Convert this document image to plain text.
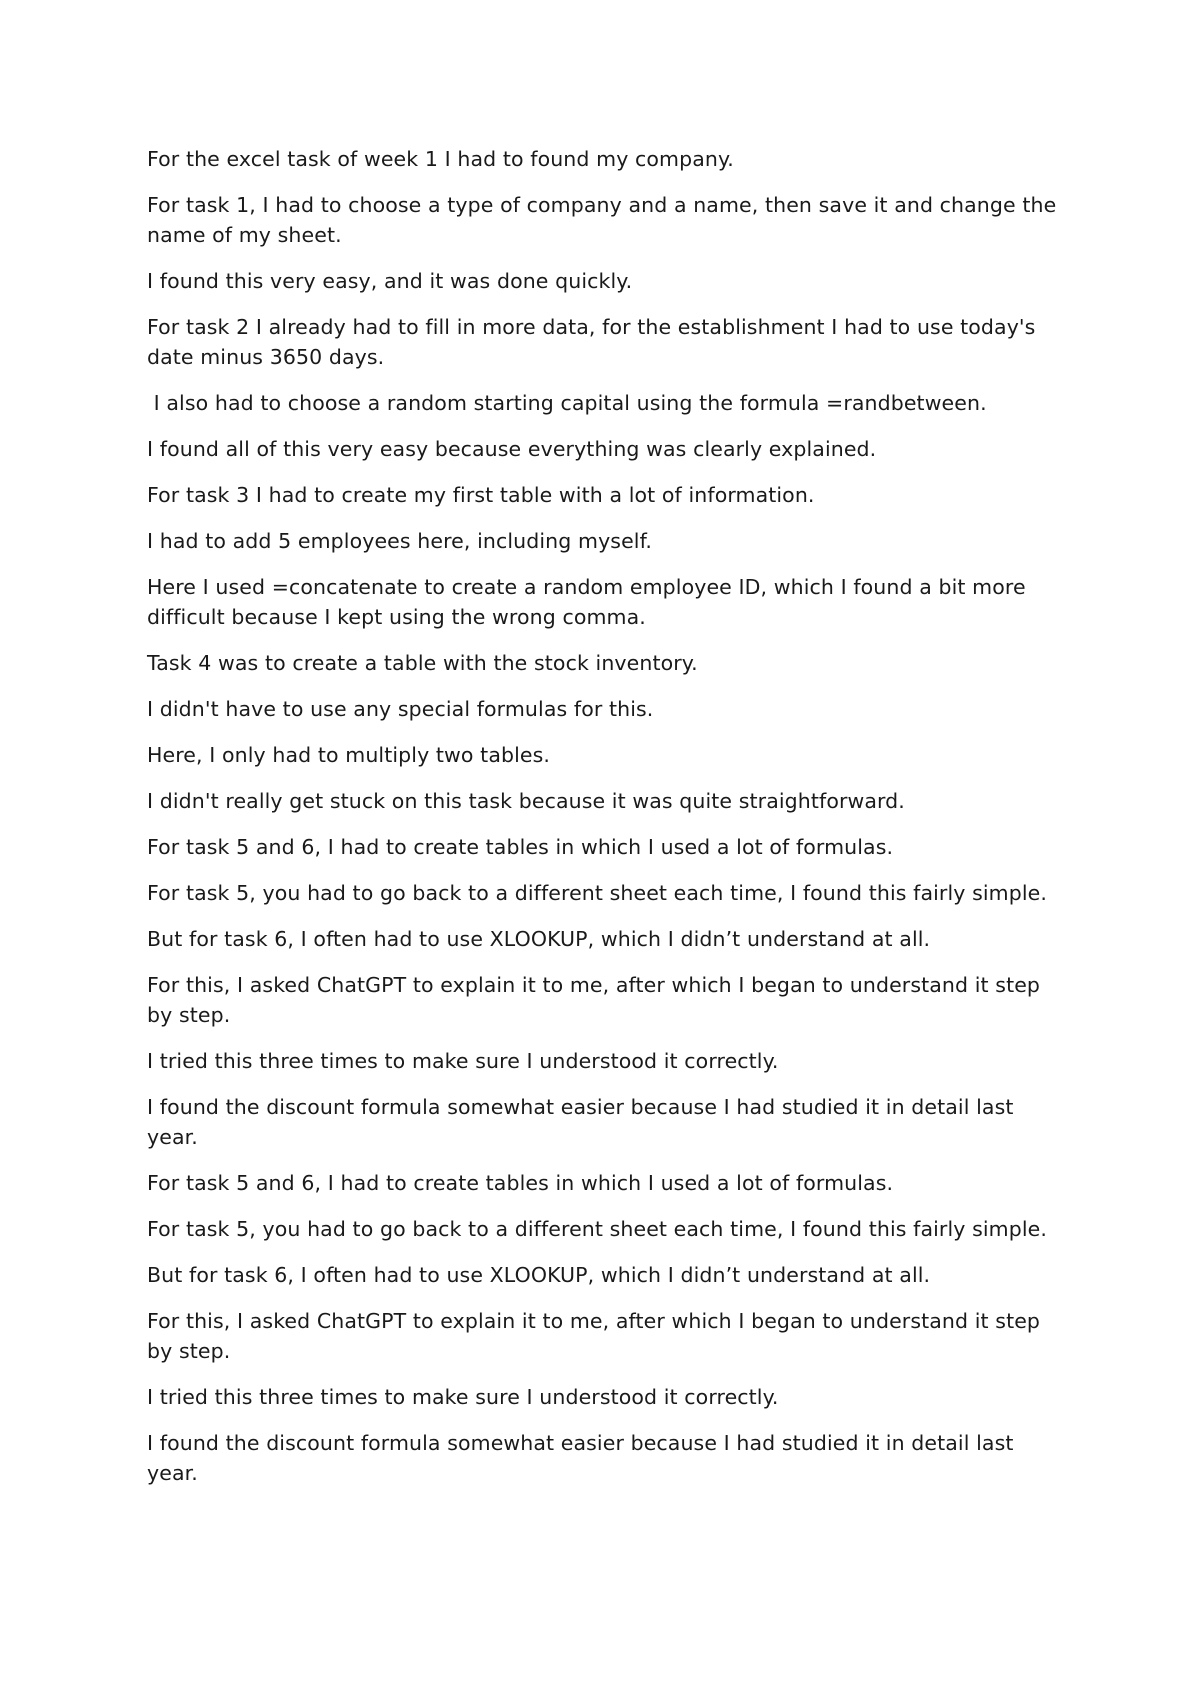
For the excel task of week 1 I had to found my company.

For task 1, I had to choose a type of company and a name, then save it and change the name of my sheet.

I found this very easy, and it was done quickly.

For task 2 I already had to fill in more data, for the establishment I had to use today's date minus 3650 days.

I also had to choose a random starting capital using the formula =randbetween.

I found all of this very easy because everything was clearly explained.

For task 3 I had to create my first table with a lot of information.

I had to add 5 employees here, including myself.

Here I used =concatenate to create a random employee ID, which I found a bit more difficult because I kept using the wrong comma.

Task 4 was to create a table with the stock inventory.

I didn't have to use any special formulas for this.

Here, I only had to multiply two tables.

I didn't really get stuck on this task because it was quite straightforward.

For task 5 and 6, I had to create tables in which I used a lot of formulas.

For task 5, you had to go back to a different sheet each time, I found this fairly simple.

But for task 6, I often had to use XLOOKUP, which I didn’t understand at all.

For this, I asked ChatGPT to explain it to me, after which I began to understand it step by step.

I tried this three times to make sure I understood it correctly.

I found the discount formula somewhat easier because I had studied it in detail last year.

For task 5 and 6, I had to create tables in which I used a lot of formulas.

For task 5, you had to go back to a different sheet each time, I found this fairly simple.

But for task 6, I often had to use XLOOKUP, which I didn’t understand at all.

For this, I asked ChatGPT to explain it to me, after which I began to understand it step by step.

I tried this three times to make sure I understood it correctly.

I found the discount formula somewhat easier because I had studied it in detail last year.
